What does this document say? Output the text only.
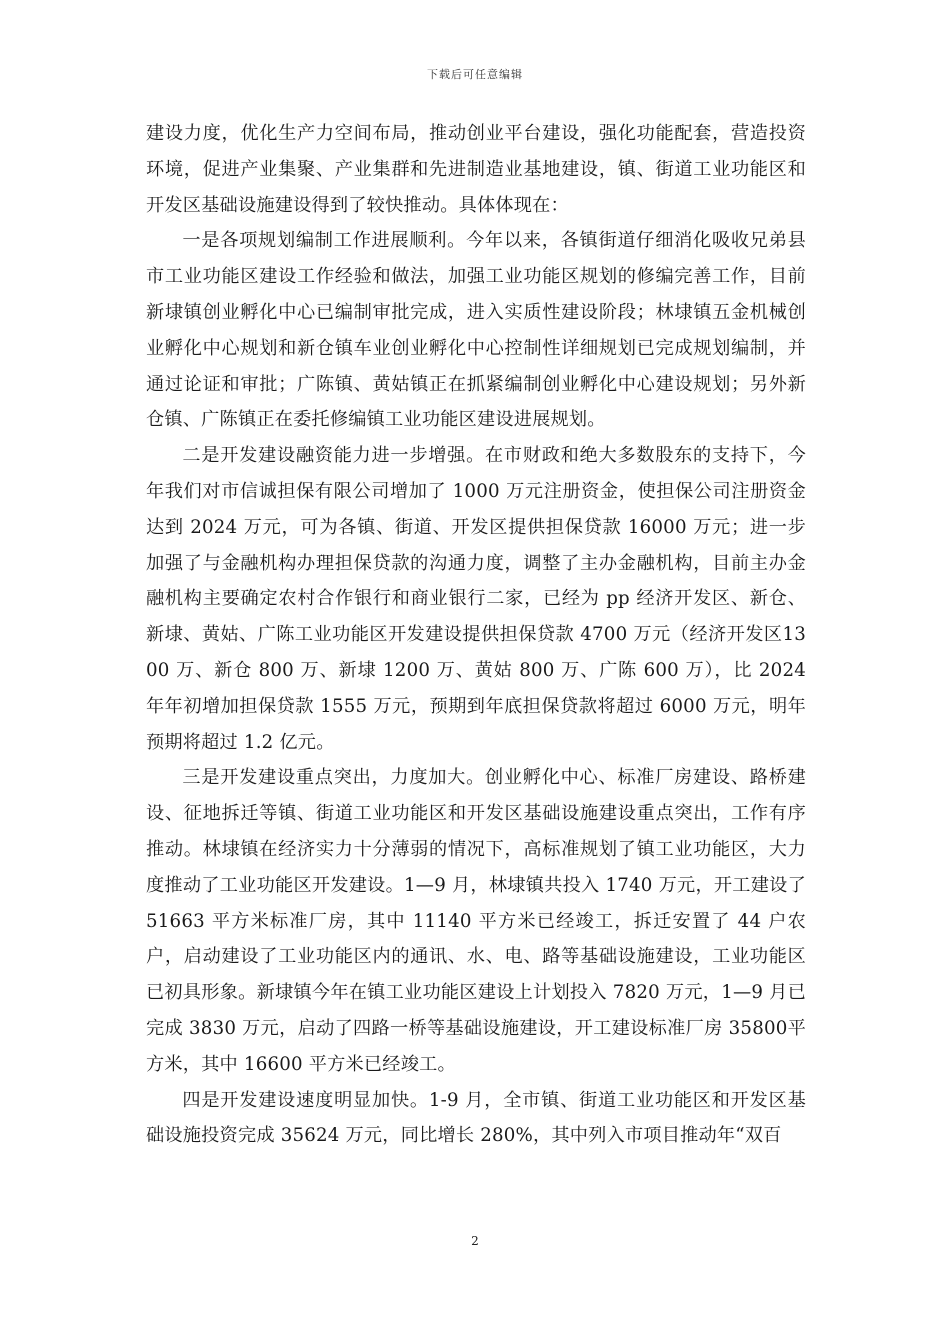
下载后可任意编辑

建设力度，优化生产力空间布局，推动创业平台建设，强化功能配套，营造投资环境，促进产业集聚、产业集群和先进制造业基地建设，镇、街道工业功能区和开发区基础设施建设得到了较快推动。具体体现在：

一是各项规划编制工作进展顺利。今年以来，各镇街道仔细消化吸收兄弟县市工业功能区建设工作经验和做法，加强工业功能区规划的修编完善工作，目前新埭镇创业孵化中心已编制审批完成，进入实质性建设阶段；林埭镇五金机械创业孵化中心规划和新仓镇车业创业孵化中心控制性详细规划已完成规划编制，并通过论证和审批；广陈镇、黄姑镇正在抓紧编制创业孵化中心建设规划；另外新仓镇、广陈镇正在委托修编镇工业功能区建设进展规划。

二是开发建设融资能力进一步增强。在市财政和绝大多数股东的支持下，今年我们对市信诚担保有限公司增加了 1000 万元注册资金，使担保公司注册资金达到 2024 万元，可为各镇、街道、开发区提供担保贷款 16000 万元；进一步加强了与金融机构办理担保贷款的沟通力度，调整了主办金融机构，目前主办金融机构主要确定农村合作银行和商业银行二家，已经为 pp 经济开发区、新仓、新埭、黄姑、广陈工业功能区开发建设提供担保贷款 4700 万元（经济开发区1300 万、新仓 800 万、新埭 1200 万、黄姑 800 万、广陈 600 万），比 2024 年年初增加担保贷款 1555 万元，预期到年底担保贷款将超过 6000 万元，明年预期将超过 1.2 亿元。

三是开发建设重点突出，力度加大。创业孵化中心、标准厂房建设、路桥建设、征地拆迁等镇、街道工业功能区和开发区基础设施建设重点突出，工作有序推动。林埭镇在经济实力十分薄弱的情况下，高标准规划了镇工业功能区，大力度推动了工业功能区开发建设。1—9 月，林埭镇共投入 1740 万元，开工建设了 51663 平方米标准厂房，其中 11140 平方米已经竣工，拆迁安置了 44 户农户，启动建设了工业功能区内的通讯、水、电、路等基础设施建设，工业功能区已初具形象。新埭镇今年在镇工业功能区建设上计划投入 7820 万元，1—9 月已完成 3830 万元，启动了四路一桥等基础设施建设，开工建设标准厂房 35800平方米，其中 16600 平方米已经竣工。

四是开发建设速度明显加快。1-9 月，全市镇、街道工业功能区和开发区基础设施投资完成 35624 万元，同比增长 280%，其中列入市项目推动年“双百

2
